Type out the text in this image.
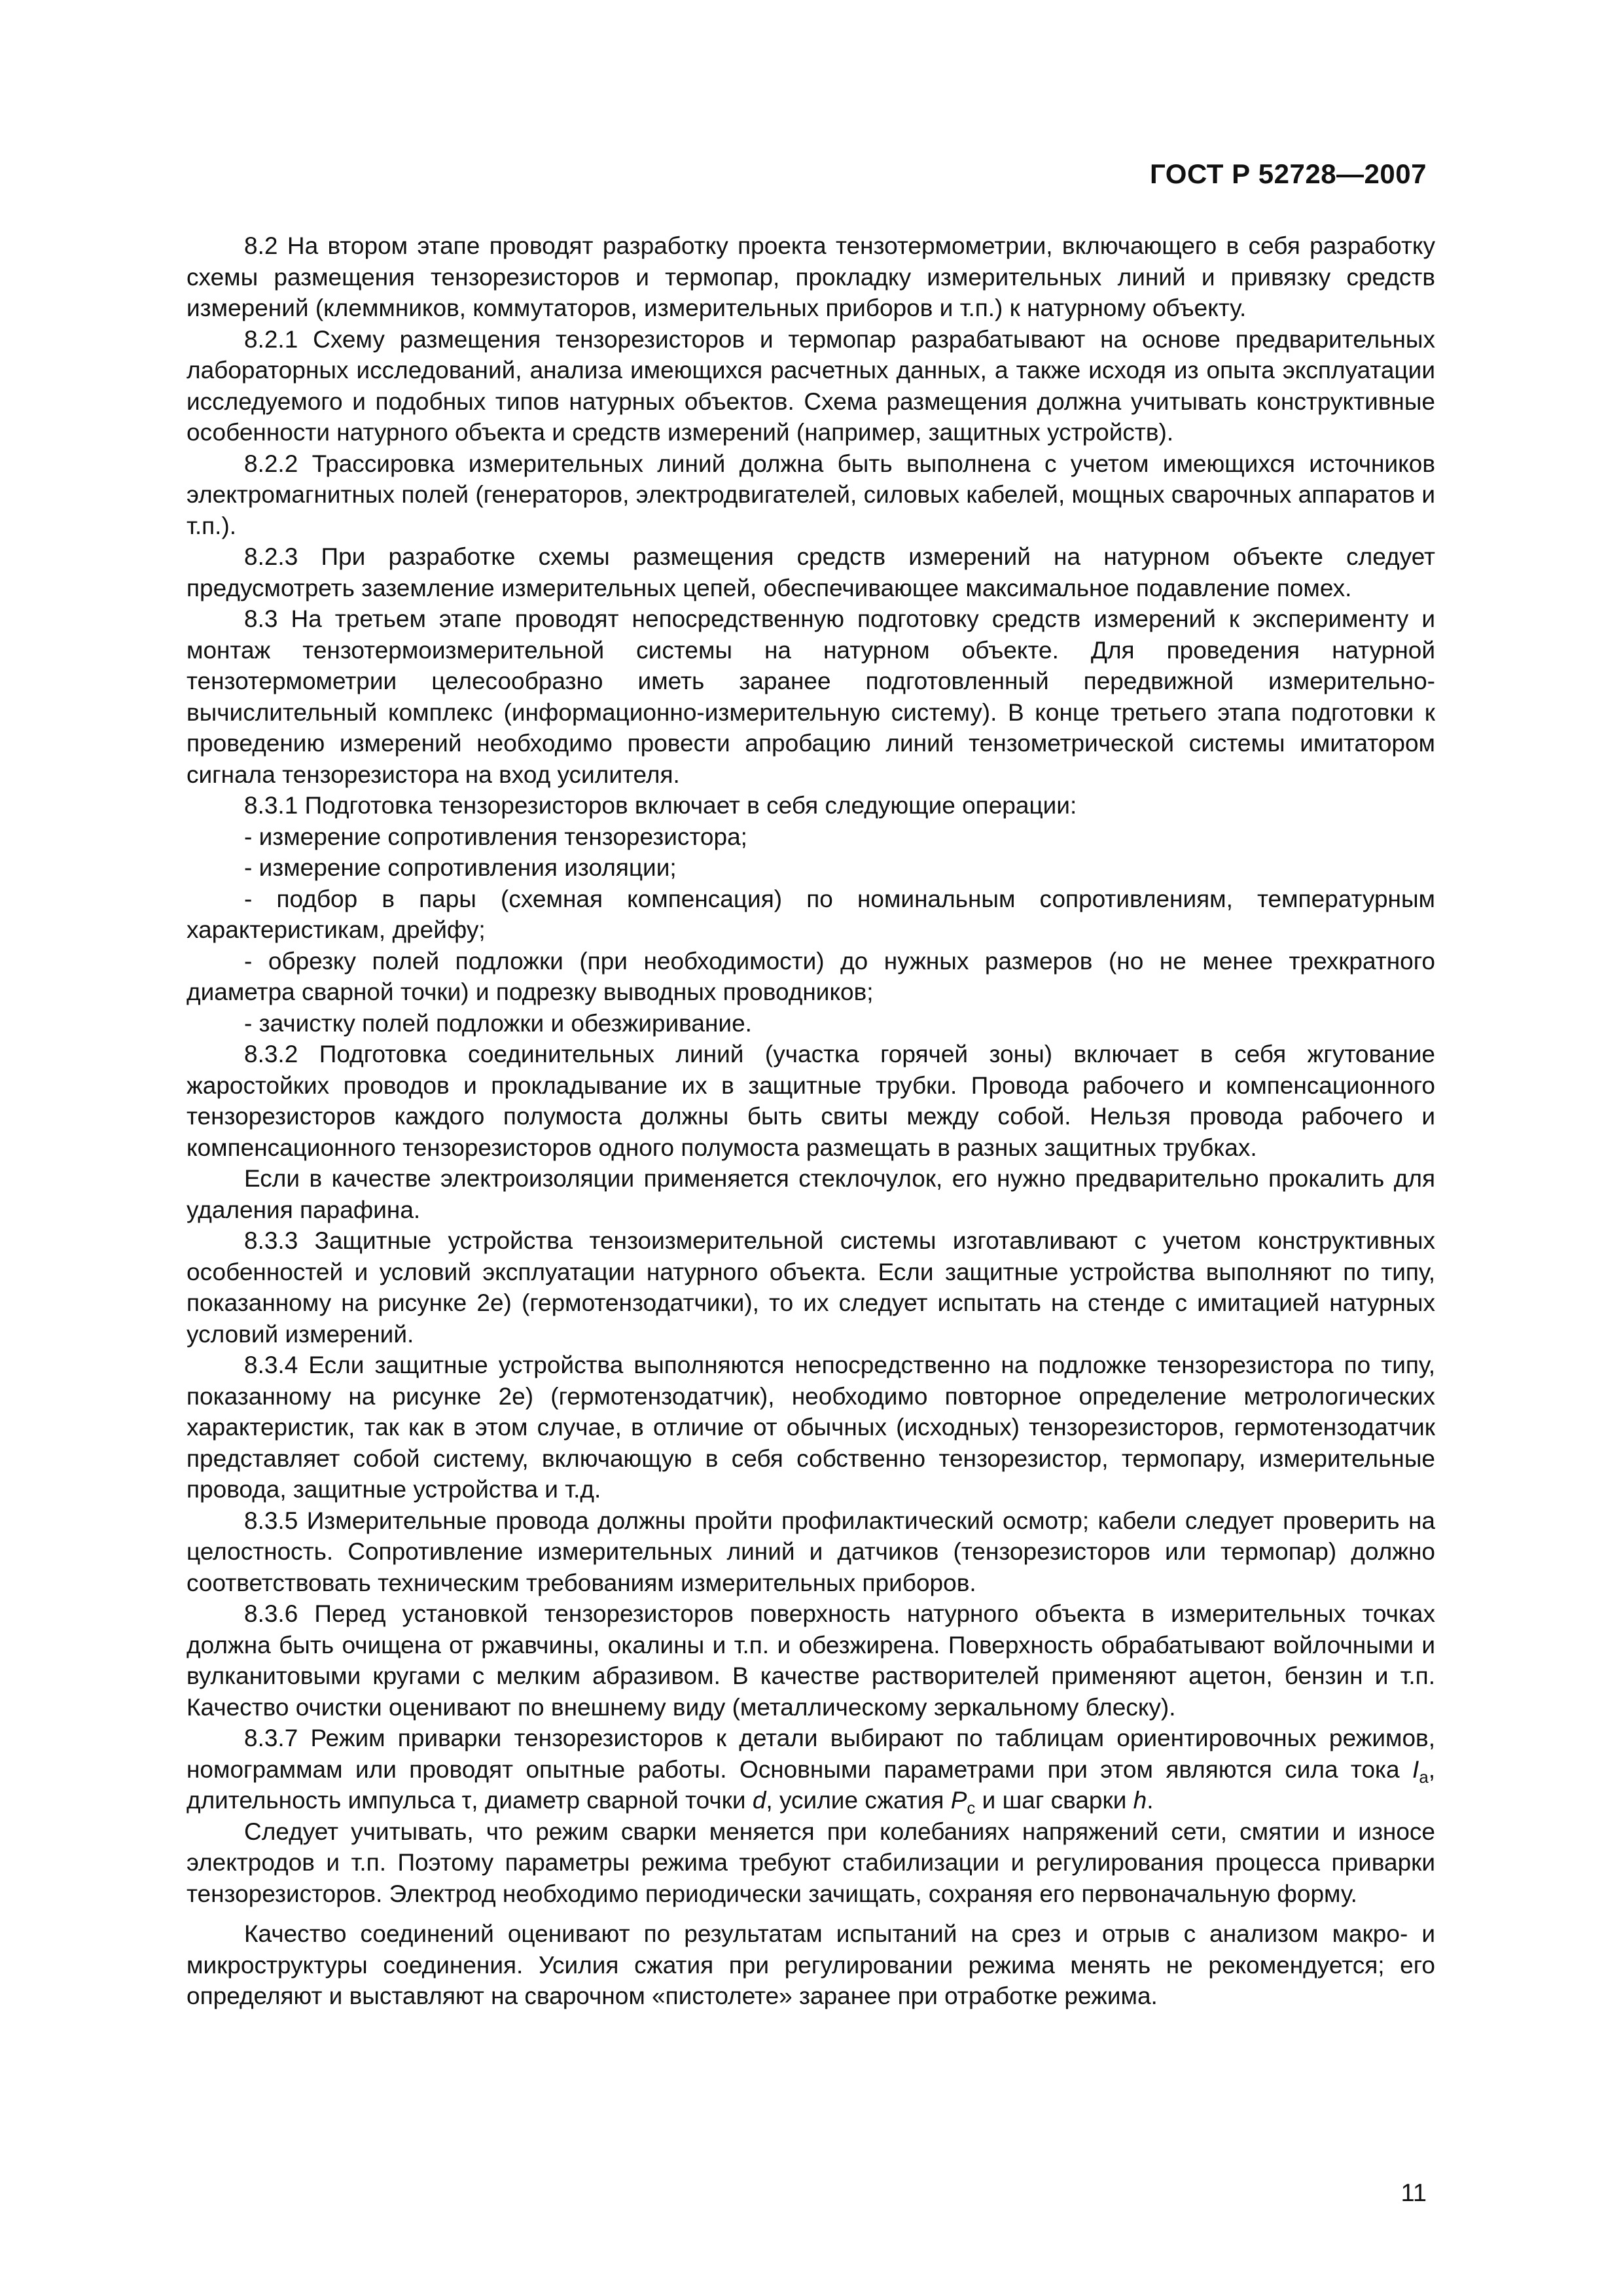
ГОСТ Р 52728—2007

8.2 На втором этапе проводят разработку проекта тензотермометрии, включающего в себя разработку схемы размещения тензорезисторов и термопар, прокладку измерительных линий и привязку средств измерений (клеммников, коммутаторов, измерительных приборов и т.п.) к натурному объекту.

8.2.1 Схему размещения тензорезисторов и термопар разрабатывают на основе предварительных лабораторных исследований, анализа имеющихся расчетных данных, а также исходя из опыта эксплуатации исследуемого и подобных типов натурных объектов. Схема размещения должна учитывать конструктивные особенности натурного объекта и средств измерений (например, защитных устройств).

8.2.2 Трассировка измерительных линий должна быть выполнена с учетом имеющихся источников электромагнитных полей (генераторов, электродвигателей, силовых кабелей, мощных сварочных аппаратов и т.п.).

8.2.3 При разработке схемы размещения средств измерений на натурном объекте следует предусмотреть заземление измерительных цепей, обеспечивающее максимальное подавление помех.

8.3 На третьем этапе проводят непосредственную подготовку средств измерений к эксперименту и монтаж тензотермоизмерительной системы на натурном объекте. Для проведения натурной тензотермометрии целесообразно иметь заранее подготовленный передвижной измерительно-вычислительный комплекс (информационно-измерительную систему). В конце третьего этапа подготовки к проведению измерений необходимо провести апробацию линий тензометрической системы имитатором сигнала тензорезистора на вход усилителя.

8.3.1 Подготовка тензорезисторов включает в себя следующие операции:

- измерение сопротивления тензорезистора;

- измерение сопротивления изоляции;

- подбор в пары (схемная компенсация) по номинальным сопротивлениям, температурным характеристикам, дрейфу;

- обрезку полей подложки (при необходимости) до нужных размеров (но не менее трехкратного диаметра сварной точки) и подрезку выводных проводников;

- зачистку полей подложки и обезжиривание.

8.3.2 Подготовка соединительных линий (участка горячей зоны) включает в себя жгутование жаростойких проводов и прокладывание их в защитные трубки. Провода рабочего и компенсационного тензорезисторов каждого полумоста должны быть свиты между собой. Нельзя провода рабочего и компенсационного тензорезисторов одного полумоста размещать в разных защитных трубках.

Если в качестве электроизоляции применяется стеклочулок, его нужно предварительно прокалить для удаления парафина.

8.3.3 Защитные устройства тензоизмерительной системы изготавливают с учетом конструктивных особенностей и условий эксплуатации натурного объекта. Если защитные устройства выполняют по типу, показанному на рисунке 2е) (гермотензодатчики), то их следует испытать на стенде с имитацией натурных условий измерений.

8.3.4 Если защитные устройства выполняются непосредственно на подложке тензорезистора по типу, показанному на рисунке 2е) (гермотензодатчик), необходимо повторное определение метрологических характеристик, так как в этом случае, в отличие от обычных (исходных) тензорезисторов, гермотензодатчик представляет собой систему, включающую в себя собственно тензорезистор, термопару, измерительные провода, защитные устройства и т.д.

8.3.5 Измерительные провода должны пройти профилактический осмотр; кабели следует проверить на целостность. Сопротивление измерительных линий и датчиков (тензорезисторов или термопар) должно соответствовать техническим требованиям измерительных приборов.

8.3.6 Перед установкой тензорезисторов поверхность натурного объекта в измерительных точках должна быть очищена от ржавчины, окалины и т.п. и обезжирена. Поверхность обрабатывают войлочными и вулканитовыми кругами с мелким абразивом. В качестве растворителей применяют ацетон, бензин и т.п. Качество очистки оценивают по внешнему виду (металлическому зеркальному блеску).

8.3.7 Режим приварки тензорезисторов к детали выбирают по таблицам ориентировочных режимов, номограммам или проводят опытные работы. Основными параметрами при этом являются сила тока $I_а$, длительность импульса τ, диаметр сварной точки d, усилие сжатия $P_с$ и шаг сварки h.

Следует учитывать, что режим сварки меняется при колебаниях напряжений сети, смятии и износе электродов и т.п. Поэтому параметры режима требуют стабилизации и регулирования процесса приварки тензорезисторов. Электрод необходимо периодически зачищать, сохраняя его первоначальную форму.

Качество соединений оценивают по результатам испытаний на срез и отрыв с анализом макро- и микроструктуры соединения. Усилия сжатия при регулировании режима менять не рекомендуется; его определяют и выставляют на сварочном «пистолете» заранее при отработке режима.

11
